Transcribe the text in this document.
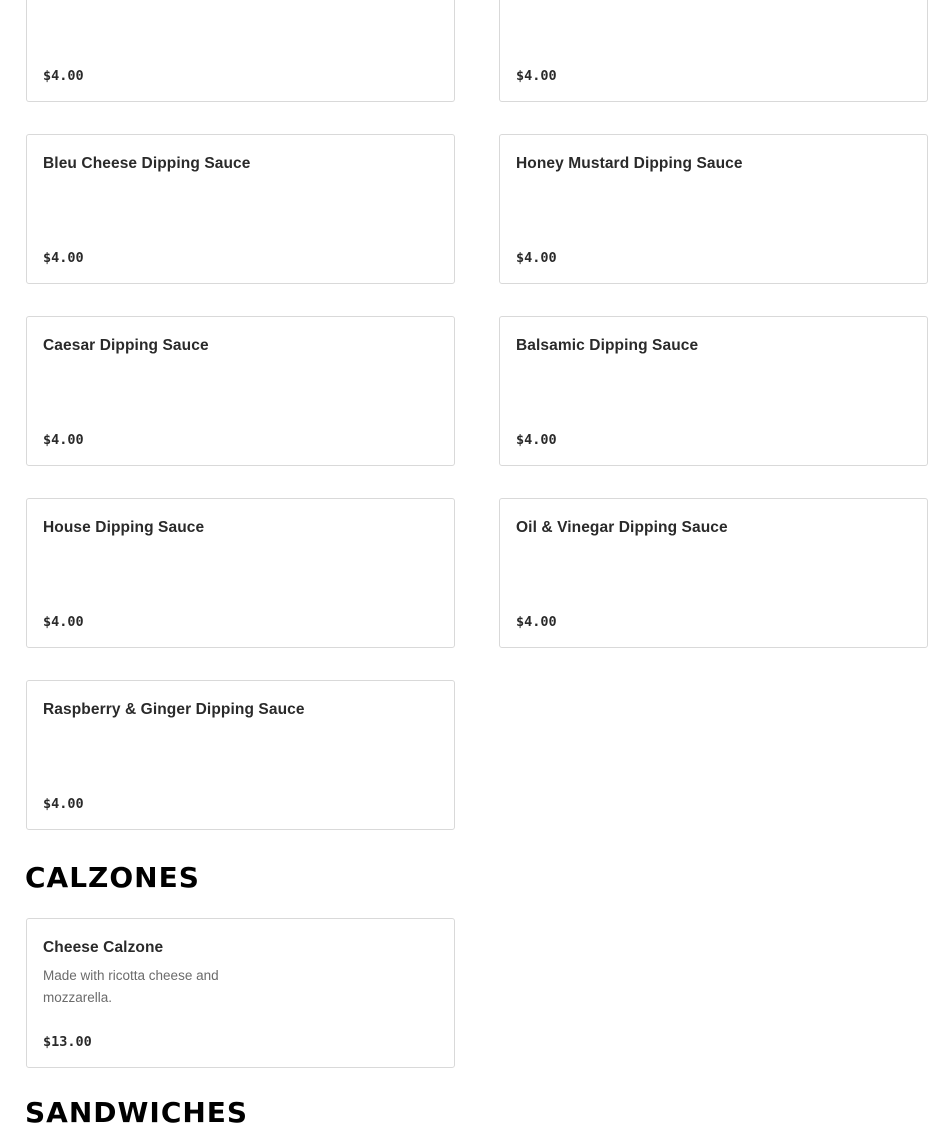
$4.00	$4.00
Bleu Cheese Dipping Sauce
$4.00
Honey Mustard Dipping Sauce
$4.00
Caesar Dipping Sauce
$4.00
Balsamic Dipping Sauce
$4.00
House Dipping Sauce
$4.00
Oil & Vinegar Dipping Sauce
$4.00
Raspberry & Ginger Dipping Sauce
$4.00
CALZONES
Cheese Calzone
Made with ricotta cheese and mozzarella.
$13.00
SANDWICHES
